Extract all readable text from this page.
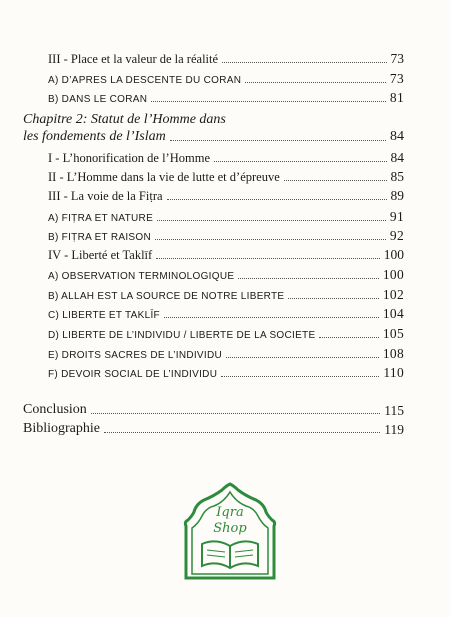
III - Place et la valeur de la réalité	73
A) D’APRES LA DESCENTE DU CORAN	73
B) DANS LE CORAN	81
Chapitre 2: Statut de l’Homme dans
les fondements de l’Islam	84
I - L’honorification de l’Homme	84
II - L’Homme dans la vie de lutte et d’épreuve	85
III - La voie de la Fiṭra	89
A) FIṬRA ET NATURE	91
B) FIṬRA ET RAISON	92
IV - Liberté et Taklīf	100
A) OBSERVATION TERMINOLOGIQUE	100
B) ALLAH EST LA SOURCE DE NOTRE LIBERTE	102
C) LIBERTE ET TAKLĪF	104
D) LIBERTE DE L’INDIVIDU / LIBERTE DE LA SOCIETE	105
E) DROITS SACRES DE L’INDIVIDU	108
F) DEVOIR SOCIAL DE L’INDIVIDU	110
Conclusion	115
Bibliographie	119
Iqra
Shop
